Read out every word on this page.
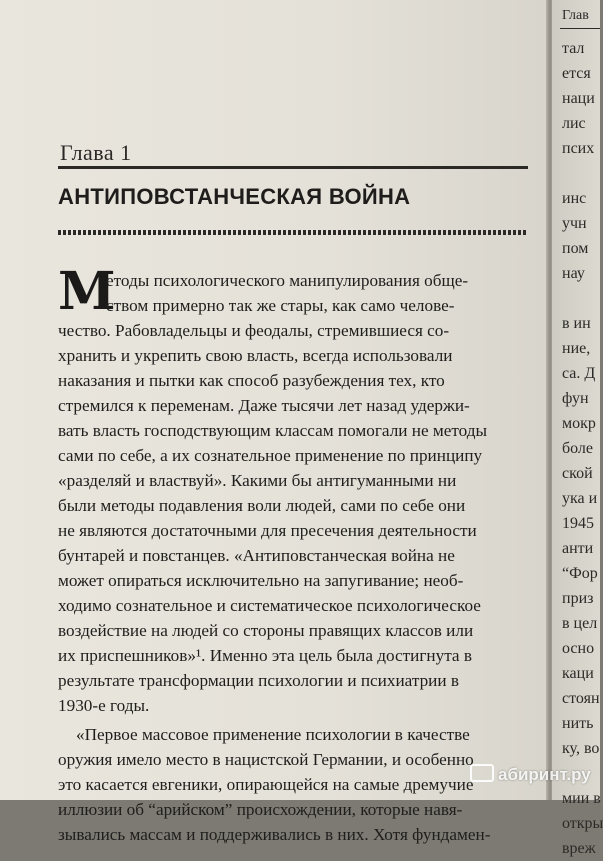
Глава 1
АНТИПОВСТАНЧЕСКАЯ ВОЙНА
М
етоды психологического манипулирования обще-
ством примерно так же стары, как само челове-
чество. Рабовладельцы и феодалы, стремившиеся со-
хранить и укрепить свою власть, всегда использовали
наказания и пытки как способ разубеждения тех, кто
стремился к переменам. Даже тысячи лет назад удержи-
вать власть господствующим классам помогали не методы
сами по себе, а их сознательное применение по принципу
«разделяй и властвуй». Какими бы антигуманными ни
были методы подавления воли людей, сами по себе они
не являются достаточными для пресечения деятельности
бунтарей и повстанцев. «Антиповстанческая война не
может опираться исключительно на запугивание; необ-
ходимо сознательное и систематическое психологическое
воздействие на людей со стороны правящих классов или
их приспешников»¹. Именно эта цель была достигнута в
результате трансформации психологии и психиатрии в
1930-е годы.
«Первое массовое применение психологии в качестве
оружия имело место в нацистской Германии, и особенно
это касается евгеники, опирающейся на самые дремучие
иллюзии об “арийском” происхождении, которые навя-
зывались массам и поддерживались в них. Хотя фундамен-
Глав
тал
ется
наци
лис
псих

инс
учн
пом
нау

в ин
ние,
са. Д
фун
мокр
боле
ской
ука и
1945
анти
“Фор
приз
в цел
осно
каци
стоян
нить
ку, во

мии в
откры
вреж
абиринт.ру
